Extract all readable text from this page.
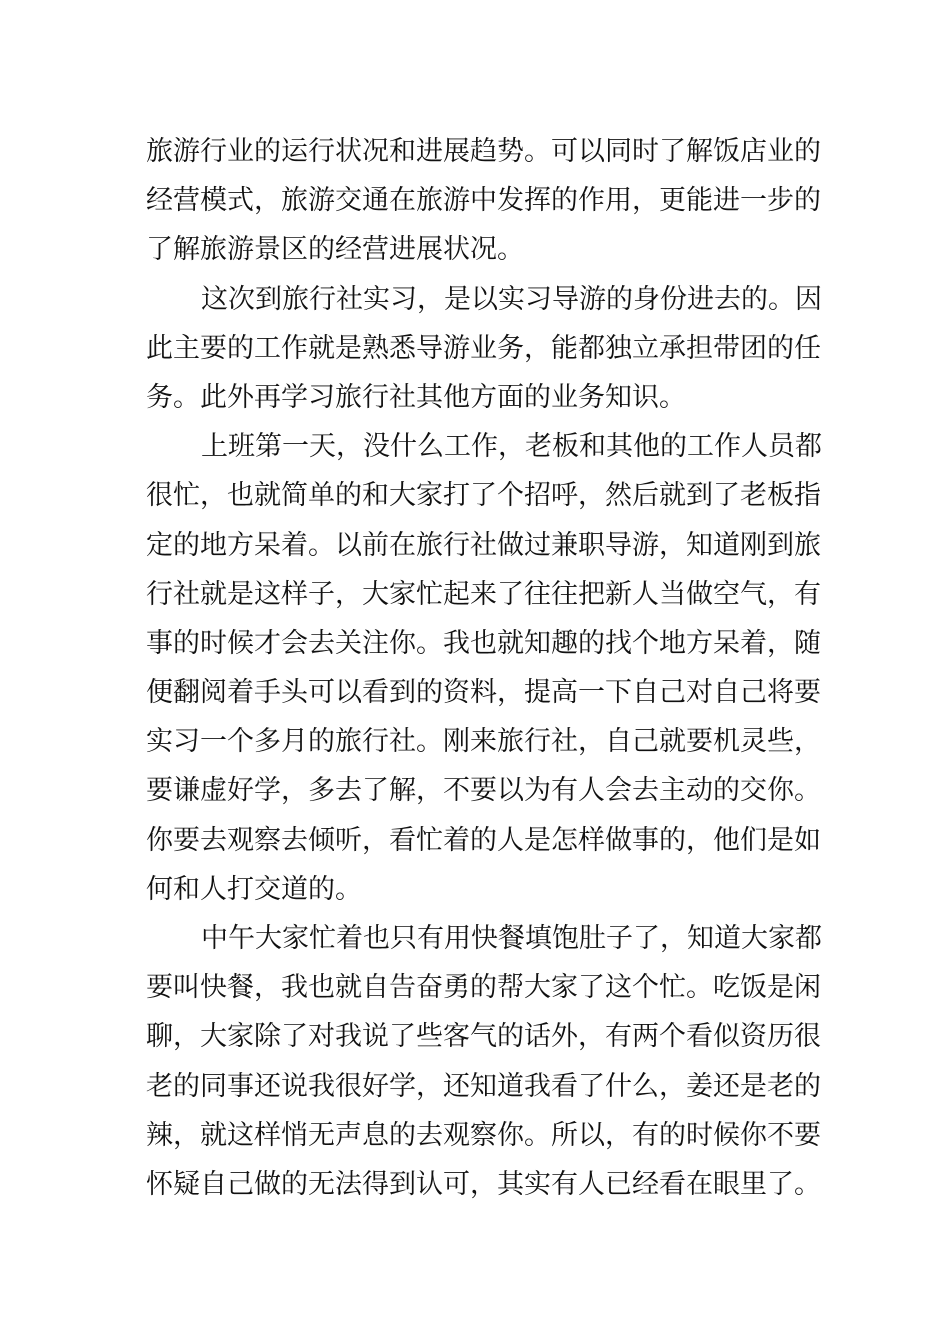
旅游行业的运行状况和进展趋势。可以同时了解饭店业的
经营模式，旅游交通在旅游中发挥的作用，更能进一步的
了解旅游景区的经营进展状况。
这次到旅行社实习，是以实习导游的身份进去的。因
此主要的工作就是熟悉导游业务，能都独立承担带团的任
务。此外再学习旅行社其他方面的业务知识。
上班第一天，没什么工作，老板和其他的工作人员都
很忙，也就简单的和大家打了个招呼，然后就到了老板指
定的地方呆着。以前在旅行社做过兼职导游，知道刚到旅
行社就是这样子，大家忙起来了往往把新人当做空气，有
事的时候才会去关注你。我也就知趣的找个地方呆着，随
便翻阅着手头可以看到的资料，提高一下自己对自己将要
实习一个多月的旅行社。刚来旅行社，自己就要机灵些，
要谦虚好学，多去了解，不要以为有人会去主动的交你。
你要去观察去倾听，看忙着的人是怎样做事的，他们是如
何和人打交道的。
中午大家忙着也只有用快餐填饱肚子了，知道大家都
要叫快餐，我也就自告奋勇的帮大家了这个忙。吃饭是闲
聊，大家除了对我说了些客气的话外，有两个看似资历很
老的同事还说我很好学，还知道我看了什么，姜还是老的
辣，就这样悄无声息的去观察你。所以，有的时候你不要
怀疑自己做的无法得到认可，其实有人已经看在眼里了。
